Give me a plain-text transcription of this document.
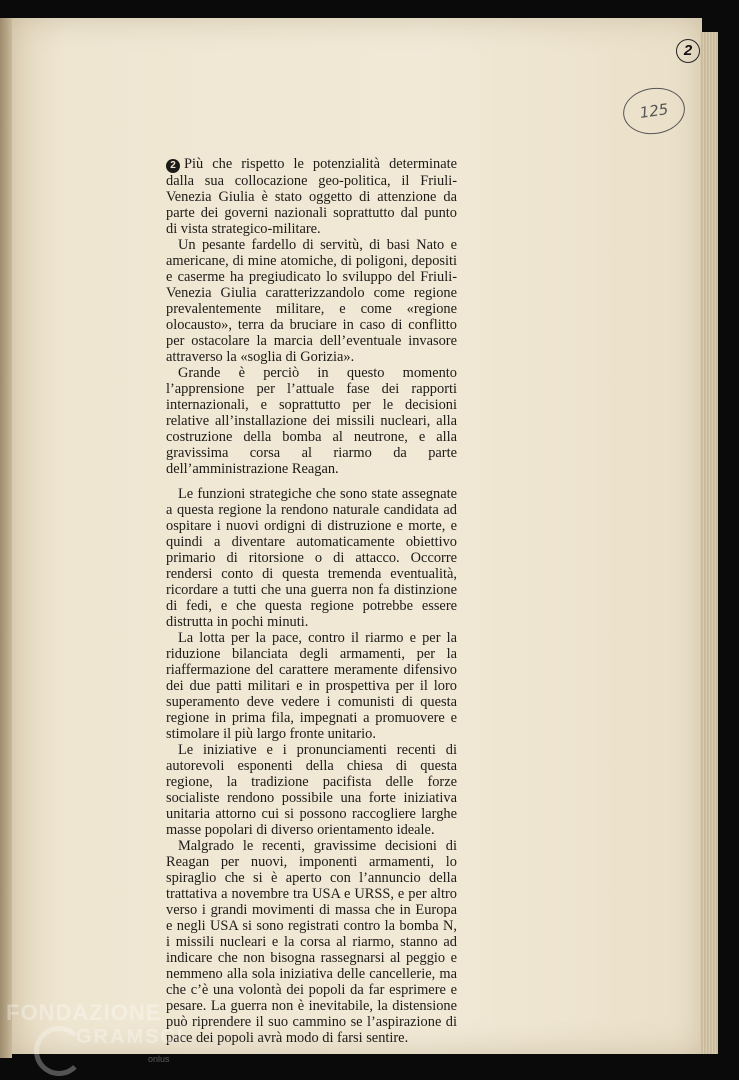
2
125

2 Più che rispetto le potenzialità determinate dalla sua collocazione geo-politica, il Friuli-Venezia Giulia è stato oggetto di attenzione da parte dei governi nazionali soprattutto dal punto di vista strategico-militare.

Un pesante fardello di servitù, di basi Nato e americane, di mine atomiche, di poligoni, depositi e caserme ha pregiudicato lo sviluppo del Friuli-Venezia Giulia caratterizzandolo come regione prevalentemente militare, e come «regione olocausto», terra da bruciare in caso di conflitto per ostacolare la marcia dell’eventuale invasore attraverso la «soglia di Gorizia».

Grande è perciò in questo momento l’apprensione per l’attuale fase dei rapporti internazionali, e soprattutto per le decisioni relative all’installazione dei missili nucleari, alla costruzione della bomba al neutrone, e alla gravissima corsa al riarmo da parte dell’amministrazione Reagan.

Le funzioni strategiche che sono state assegnate a questa regione la rendono naturale candidata ad ospitare i nuovi ordigni di distruzione e morte, e quindi a diventare automaticamente obiettivo primario di ritorsione o di attacco. Occorre rendersi conto di questa tremenda eventualità, ricordare a tutti che una guerra non fa distinzione di fedi, e che questa regione potrebbe essere distrutta in pochi minuti.

La lotta per la pace, contro il riarmo e per la riduzione bilanciata degli armamenti, per la riaffermazione del carattere meramente difensivo dei due patti militari e in prospettiva per il loro superamento deve vedere i comunisti di questa regione in prima fila, impegnati a promuovere e stimolare il più largo fronte unitario.

Le iniziative e i pronunciamenti recenti di autorevoli esponenti della chiesa di questa regione, la tradizione pacifista delle forze socialiste rendono possibile una forte iniziativa unitaria attorno cui si possono raccogliere larghe masse popolari di diverso orientamento ideale.

Malgrado le recenti, gravissime decisioni di Reagan per nuovi, imponenti armamenti, lo spiraglio che si è aperto con l’annuncio della trattativa a novembre tra USA e URSS, e per altro verso i grandi movimenti di massa che in Europa e negli USA si sono registrati contro la bomba N, i missili nucleari e la corsa al riarmo, stanno ad indicare che non bisogna rassegnarsi al peggio e nemmeno alla sola iniziativa delle cancellerie, ma che c’è una volontà dei popoli da far esprimere e pesare. La guerra non è inevitabile, la distensione può riprendere il suo cammino se l’aspirazione di pace dei popoli avrà modo di farsi sentire.

FONDAZIONE
GRAMSCI
onlus
